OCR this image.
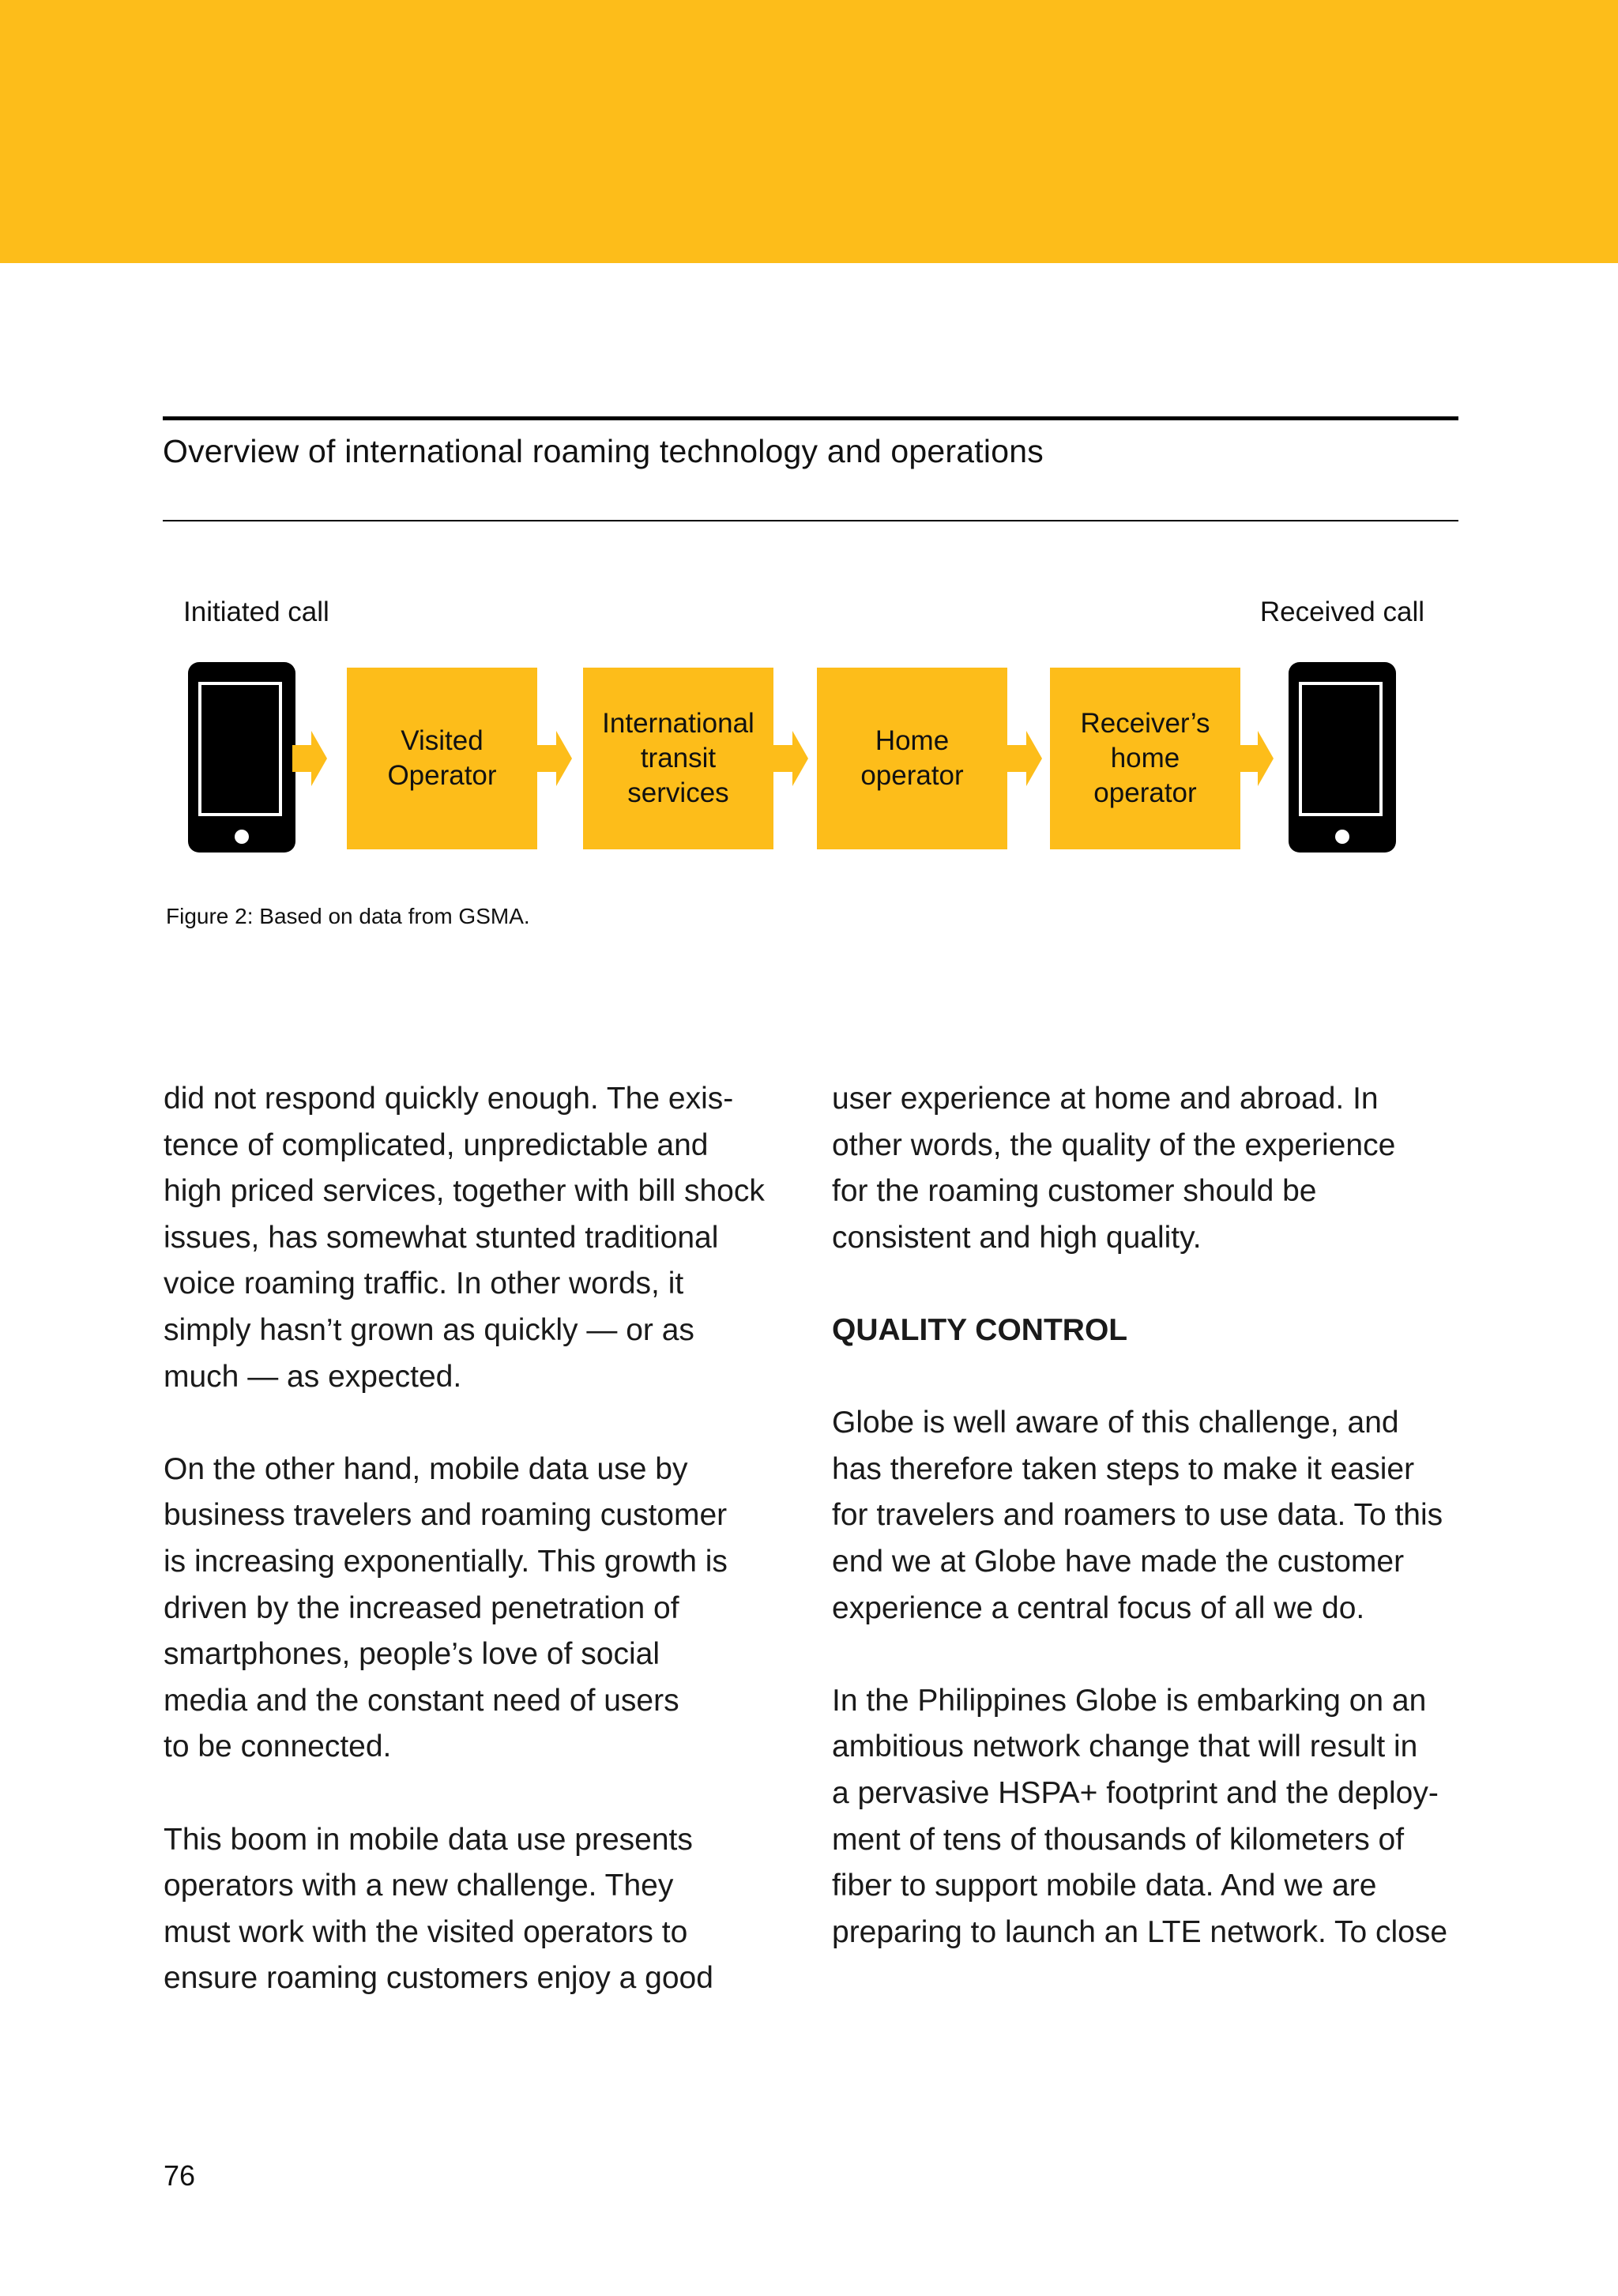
Overview of international roaming technology and operations
Initiated call	Received call
Visited
Operator
International
transit
services
Home
operator
Receiver’s
home
operator
Figure 2: Based on data from GSMA.

did not respond quickly enough. The exis-
tence of complicated, unpredictable and
high priced services, together with bill shock
issues, has somewhat stunted traditional
voice roaming traffic. In other words, it
simply hasn’t grown as quickly — or as
much — as expected.

On the other hand, mobile data use by
business travelers and roaming customer
is increasing exponentially. This growth is
driven by the increased penetration of
smartphones, people’s love of social
media and the constant need of users
to be connected.

This boom in mobile data use presents
operators with a new challenge. They
must work with the visited operators to
ensure roaming customers enjoy a good

user experience at home and abroad. In
other words, the quality of the experience
for the roaming customer should be
consistent and high quality.

QUALITY CONTROL

Globe is well aware of this challenge, and
has therefore taken steps to make it easier
for travelers and roamers to use data. To this
end we at Globe have made the customer
experience a central focus of all we do.

In the Philippines Globe is embarking on an
ambitious network change that will result in
a pervasive HSPA+ footprint and the deploy-
ment of tens of thousands of kilometers of
fiber to support mobile data. And we are
preparing to launch an LTE network. To close

76
